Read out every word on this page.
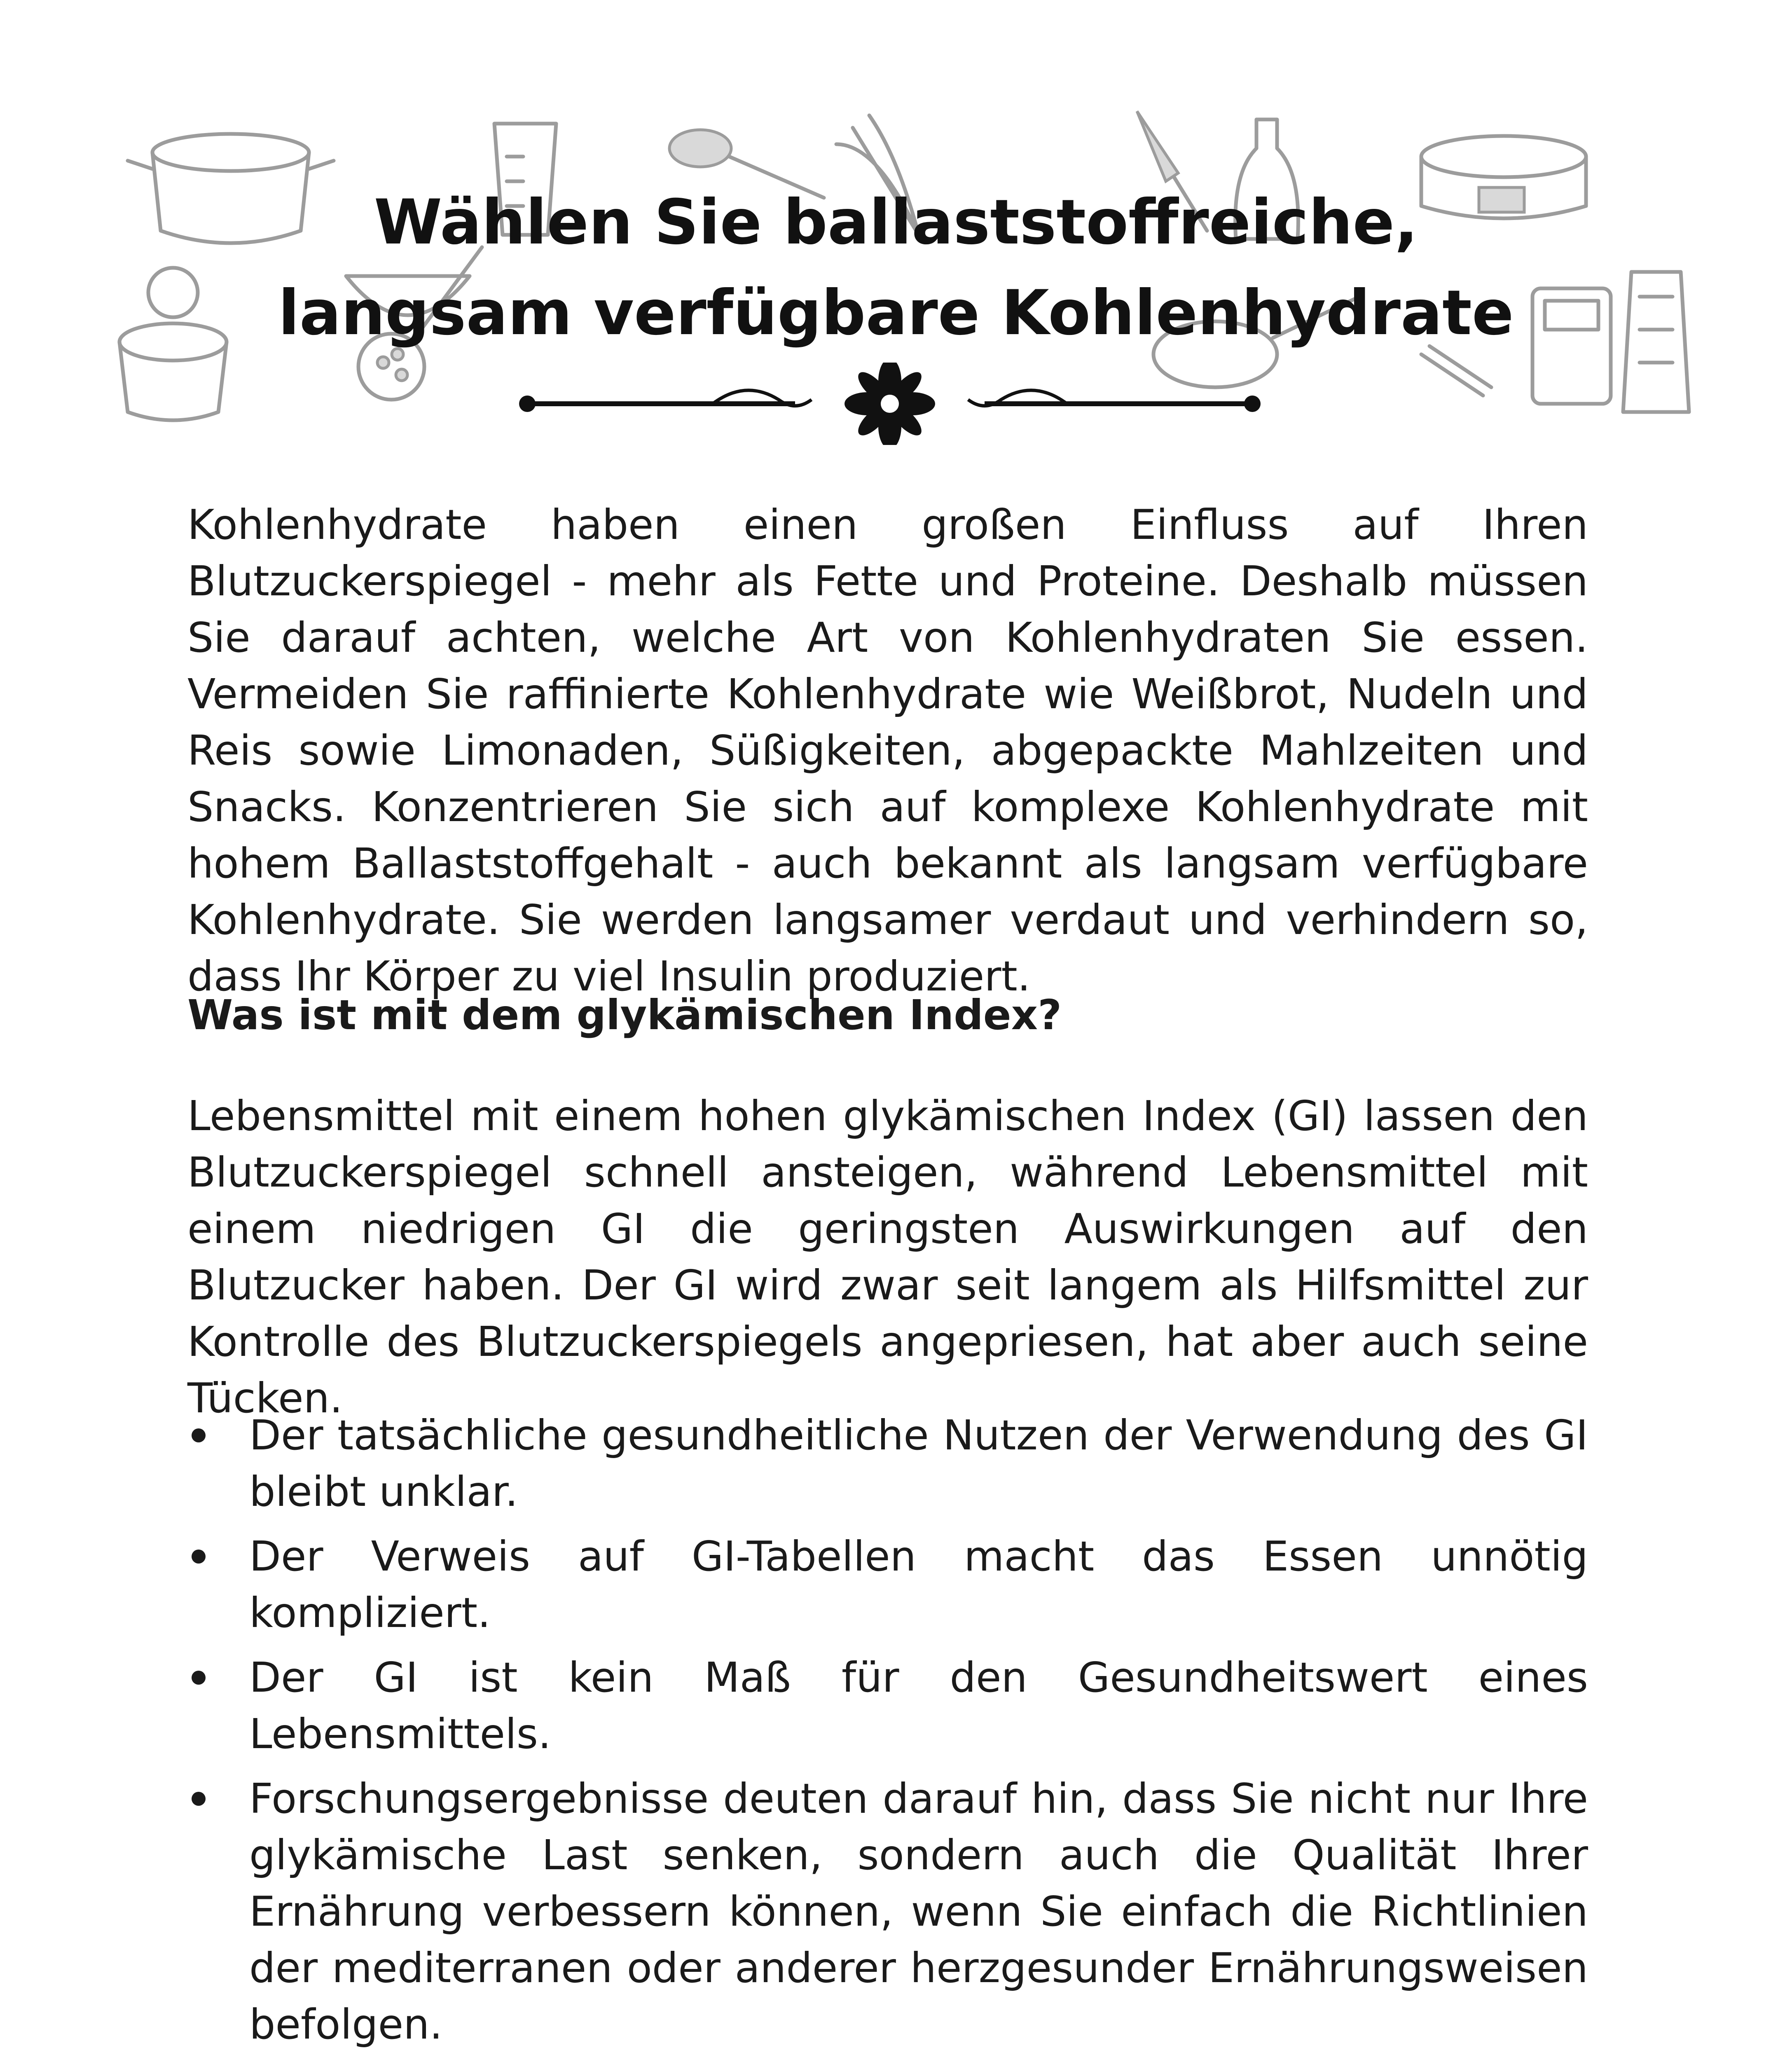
Wählen Sie ballaststoffreiche, langsam verfügbare Kohlenhydrate

Kohlenhydrate haben einen großen Einfluss auf Ihren Blutzuckerspiegel - mehr als Fette und Proteine. Deshalb müssen Sie darauf achten, welche Art von Kohlenhydraten Sie essen. Vermeiden Sie raffinierte Kohlenhydrate wie Weißbrot, Nudeln und Reis sowie Limonaden, Süßigkeiten, abgepackte Mahlzeiten und Snacks. Konzentrieren Sie sich auf komplexe Kohlenhydrate mit hohem Ballaststoffgehalt - auch bekannt als langsam verfügbare Kohlenhydrate. Sie werden langsamer verdaut und verhindern so, dass Ihr Körper zu viel Insulin produziert.

Was ist mit dem glykämischen Index?

Lebensmittel mit einem hohen glykämischen Index (GI) lassen den Blutzuckerspiegel schnell ansteigen, während Lebensmittel mit einem niedrigen GI die geringsten Auswirkungen auf den Blutzucker haben. Der GI wird zwar seit langem als Hilfsmittel zur Kontrolle des Blutzuckerspiegels angepriesen, hat aber auch seine Tücken.

Der tatsächliche gesundheitliche Nutzen der Verwendung des GI bleibt unklar.
Der Verweis auf GI-Tabellen macht das Essen unnötig kompliziert.
Der GI ist kein Maß für den Gesundheitswert eines Lebensmittels.
Forschungsergebnisse deuten darauf hin, dass Sie nicht nur Ihre glykämische Last senken, sondern auch die Qualität Ihrer Ernährung verbessern können, wenn Sie einfach die Richtlinien der mediterranen oder anderer herzgesunder Ernährungsweisen befolgen.
